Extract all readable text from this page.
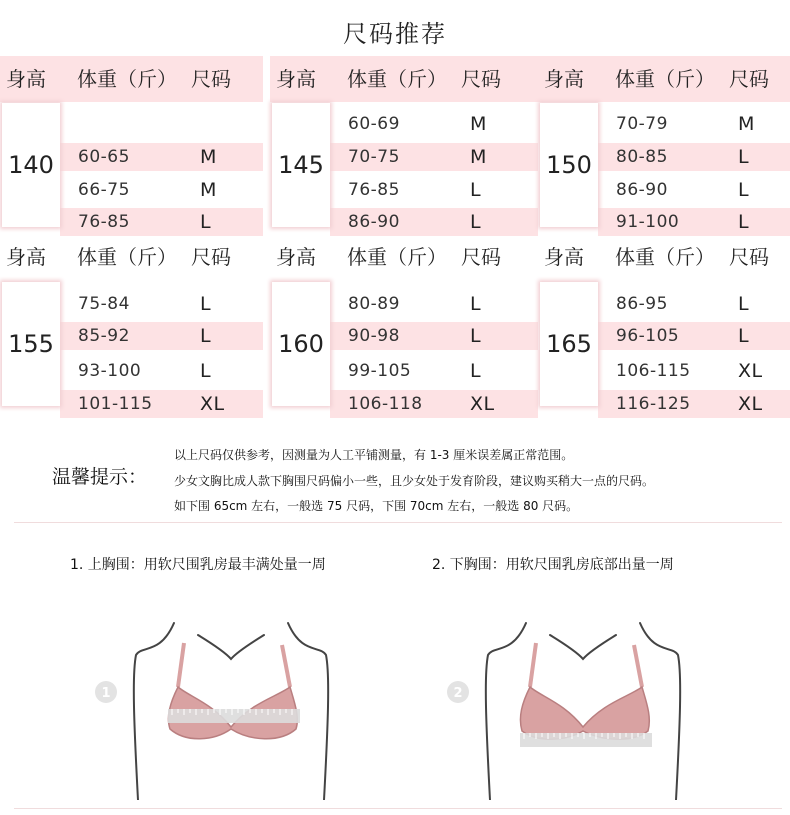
尺码推荐
身高 体重（斤） 尺码
60-65	M
66-75	M
76-85	L
140
身高 体重（斤） 尺码
60-69	M
70-75	M
76-85	L
86-90	L
145
身高 体重（斤） 尺码
70-79	M
80-85	L
86-90	L
91-100	L
150
身高 体重（斤） 尺码
75-84	L
85-92	L
93-100	L
101-115 XL
155
身高 体重（斤） 尺码
80-89	L
90-98	L
99-105	L
106-118 XL
160
身高 体重（斤） 尺码
86-95	L
96-105	L
106-115 XL
116-125 XL
165
温馨提示：
以上尺码仅供参考，因测量为人工平铺测量，有 1-3 厘米误差属正常范围。
少女文胸比成人款下胸围尺码偏小一些，且少女处于发育阶段，建议购买稍大一点的尺码。
如下围 65cm 左右，一般选 75 尺码，下围 70cm 左右，一般选 80 尺码。
1. 上胸围：用软尺围乳房最丰满处量一周	2. 下胸围：用软尺围乳房底部出量一周
1	2
